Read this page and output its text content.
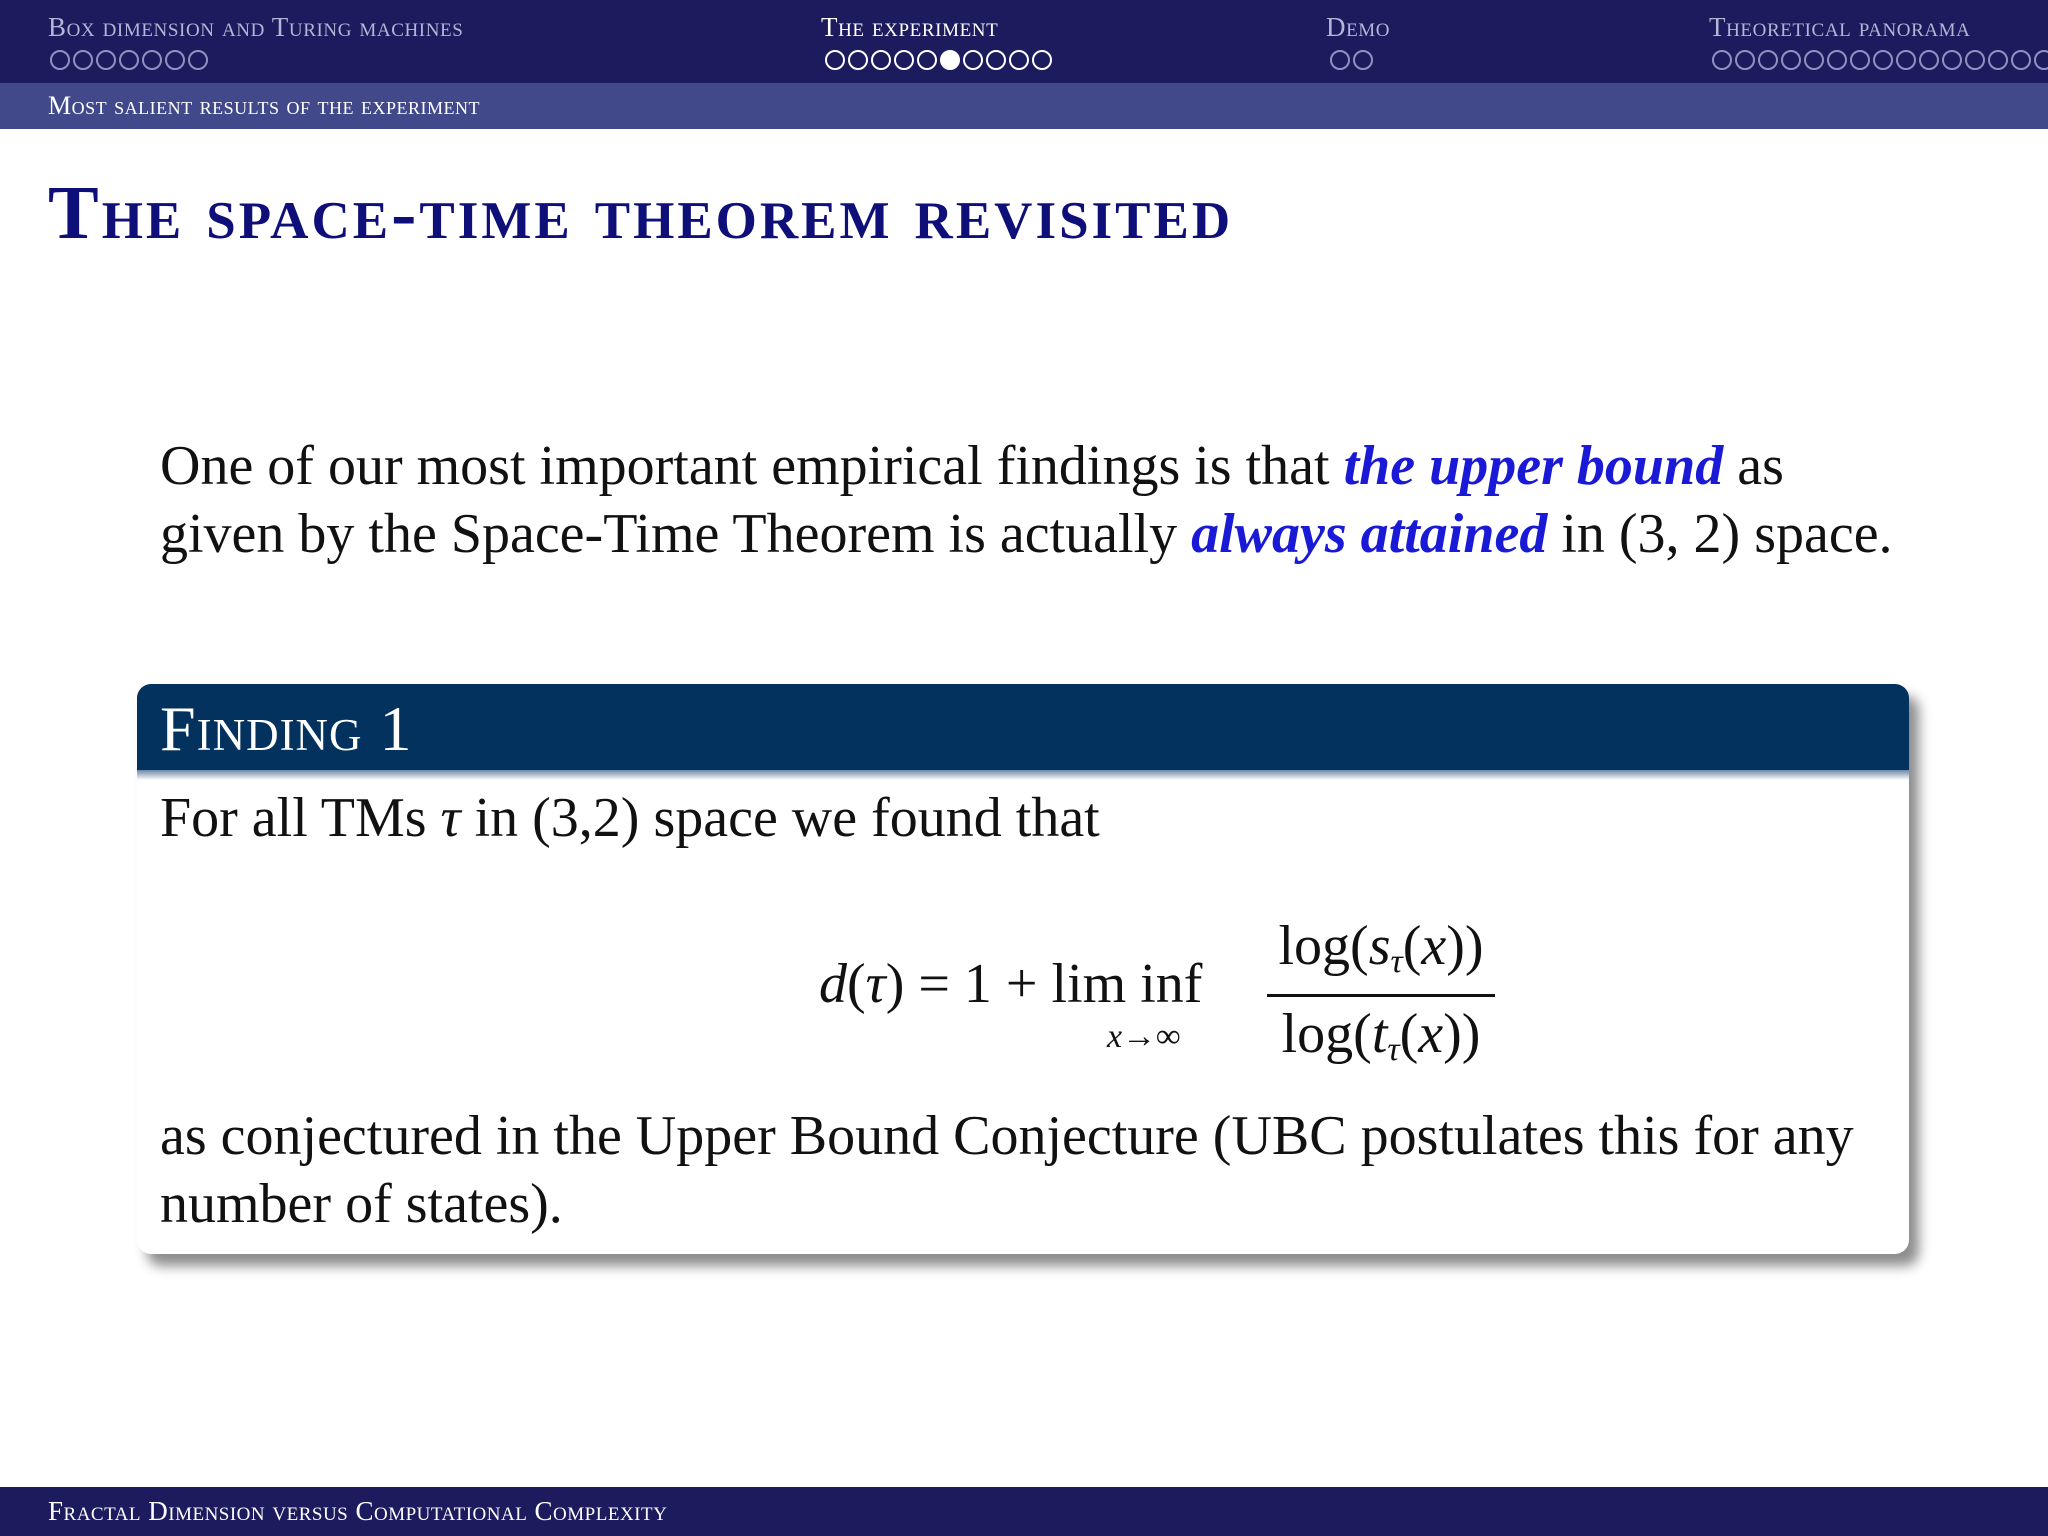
Box dimension and Turing machines	The experiment	Demo	Theoretical panorama
Most salient results of the experiment
The space-time theorem revisited

One of our most important empirical findings is that the upper bound as given by the Space-Time Theorem is actually always attained in (3, 2) space.

Finding 1

For all TMs τ in (3,2) space we found that

d(τ) = 1 + lim inf
x→∞
log(sτ(x))
log(tτ(x))

as conjectured in the Upper Bound Conjecture (UBC postulates this for any number of states).

Fractal Dimension versus Computational Complexity
